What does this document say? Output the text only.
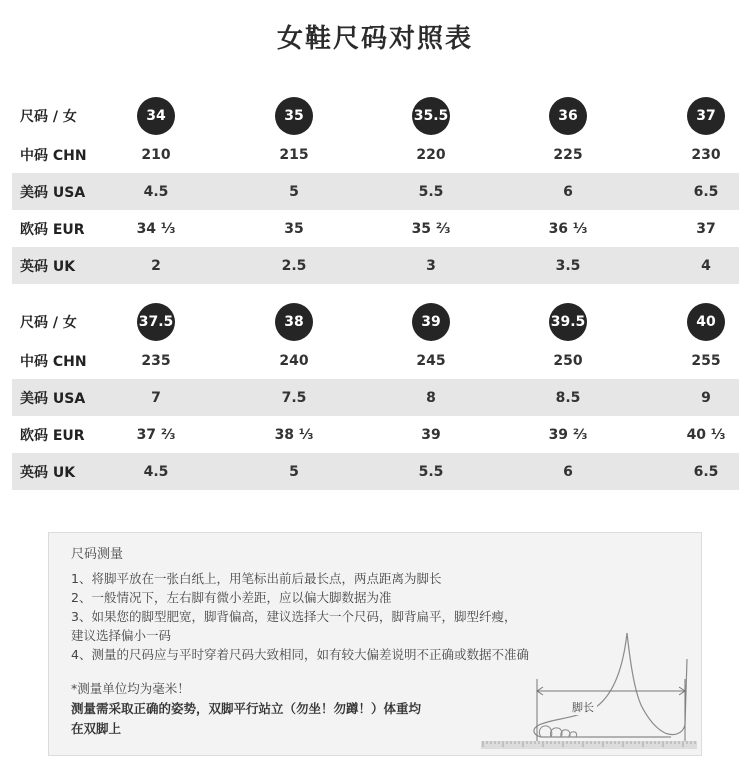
女鞋尺码对照表
尺码 / 女	34	35	35.5	36	37
中码 CHN	210	215	220	225	230
美码 USA	4.5	5	5.5	6	6.5
欧码 EUR	34 ⅓	35	35 ⅔	36 ⅓	37
英码 UK	2	2.5	3	3.5	4
尺码 / 女	37.5	38	39	39.5	40
中码 CHN	235	240	245	250	255
美码 USA	7	7.5	8	8.5	9
欧码 EUR	37 ⅔	38 ⅓	39	39 ⅔	40 ⅓
英码 UK	4.5	5	5.5	6	6.5
尺码测量
1、将脚平放在一张白纸上，用笔标出前后最长点，两点距离为脚长
2、一般情况下，左右脚有微小差距，应以偏大脚数据为准
3、如果您的脚型肥宽，脚背偏高，建议选择大一个尺码，脚背扁平，脚型纤瘦，
建议选择偏小一码
4、测量的尺码应与平时穿着尺码大致相同，如有较大偏差说明不正确或数据不准确
*测量单位均为毫米！
测量需采取正确的姿势，双脚平行站立（勿坐！勿蹲！）体重均
在双脚上
脚长
